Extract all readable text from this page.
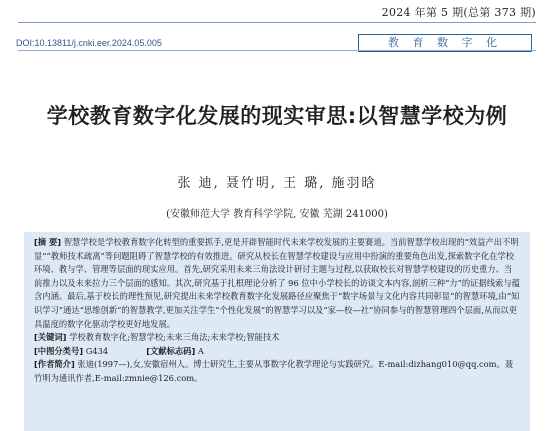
2024 年第 5 期(总第 373 期)
DOI:10.13811/j.cnki.eer.2024.05.005	教 育 数 字 化
学校教育数字化发展的现实审思:以智慧学校为例
张 迪, 聂竹明, 王 璐, 施羽晗
(安徽师范大学 教育科学学院, 安徽 芜湖 241000)

[摘 要] 智慧学校是学校教育数字化转型的重要抓手,更是开辟智能时代未来学校发展的主要赛道。当前智慧学校出现的“效益产出不明显”“教师技术疏离”等问题阻碍了智慧学校的有效推进。研究从校长在智慧学校建设与应用中扮演的重要角色出发,探索数字化在学校环境、教与学、管理等层面的现实应用。首先,研究采用未来三角法设计研讨主题与过程,以获取校长对智慧学校建设的历史重力、当前推力以及未来拉力三个层面的感知。其次,研究基于扎根理论分析了 96 位中小学校长的访谈文本内容,剖析三种“力”的证据线索与蕴含内涵。最后,基于校长的理性预见,研究提出未来学校教育数字化发展路径应聚焦于“数字场景与文化内容共同彰显”的智慧环境,由“知识学习”通达“思维创新”的智慧教学,更加关注学生“个性化发展”的智慧学习以及“家—校—社”协同参与的智慧管理四个层面,从而以更具温度的数字化驱动学校更好地发展。

[关键词] 学校教育数字化;智慧学校;未来三角法;未来学校;智能技术

[中图分类号]
G434	[文献标志码]
A

[作者简介] 张迪(1997—),女,安徽宿州人。博士研究生,主要从事数字化教学理论与实践研究。E-mail:dizhang010@qq.com。聂竹明为通讯作者,E-mail:zmnie@126.com。
